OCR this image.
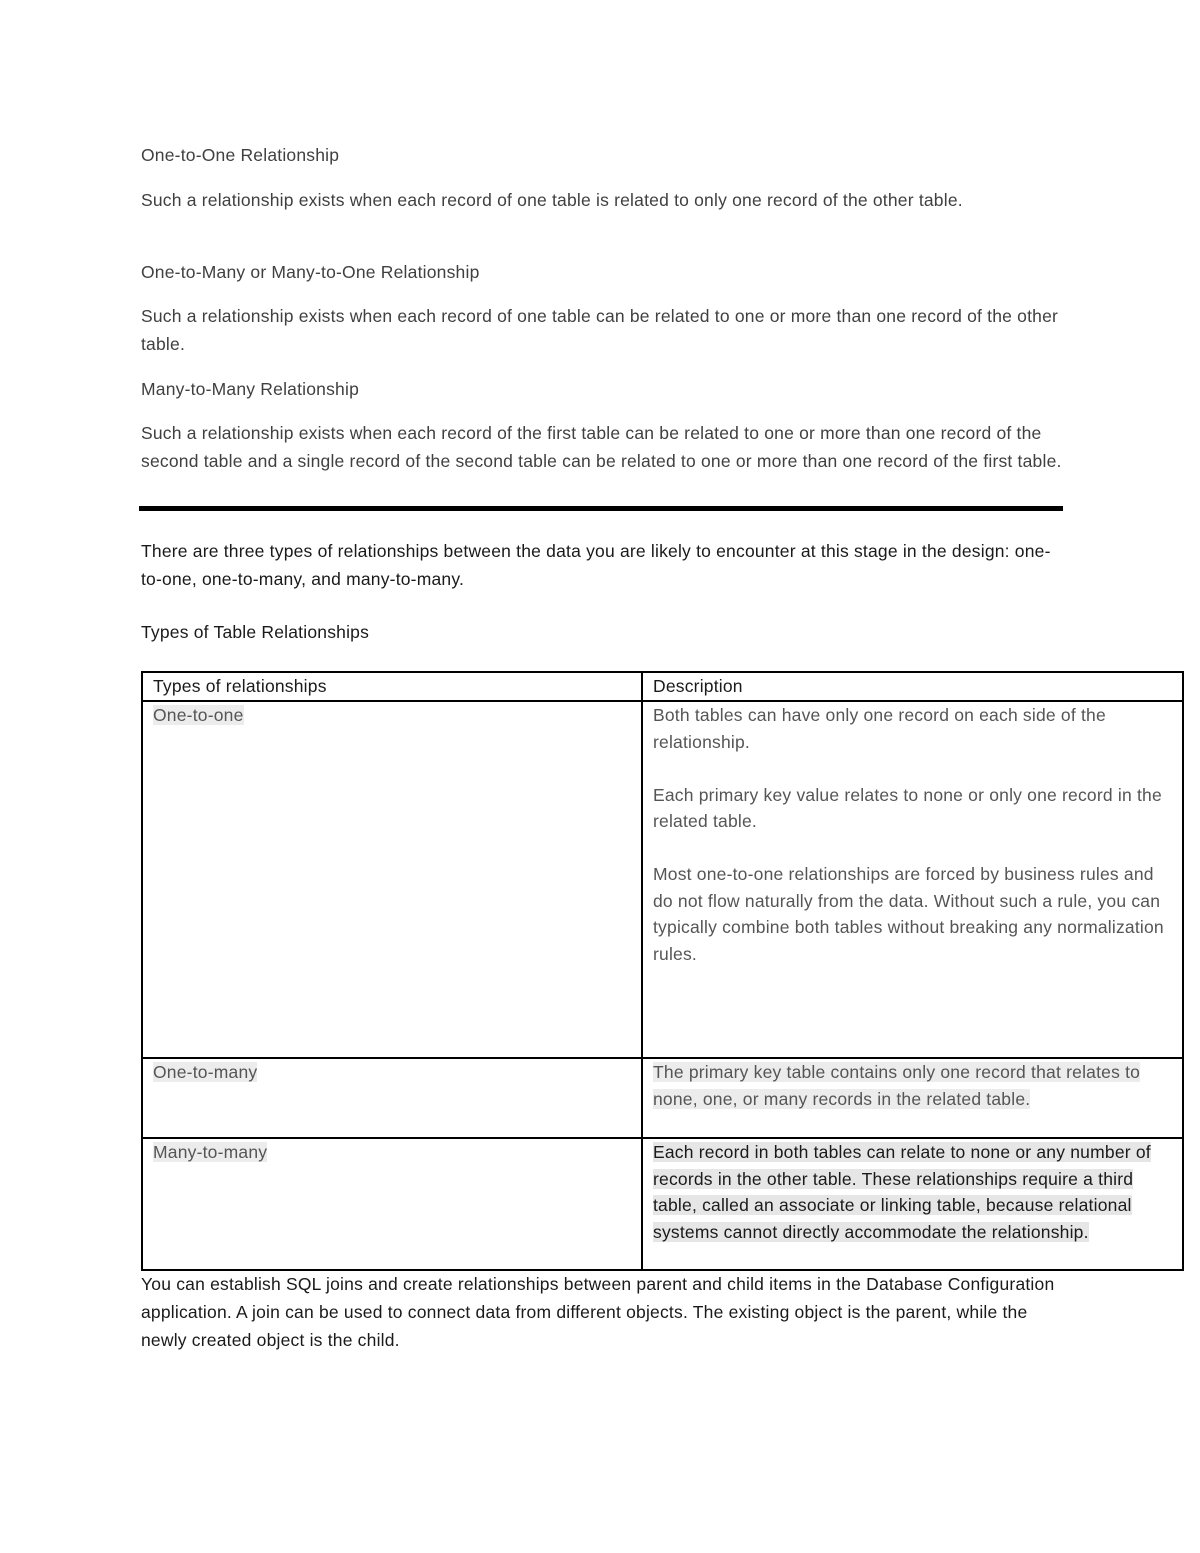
One-to-One Relationship

Such a relationship exists when each record of one table is related to only one record of the other table.

One-to-Many or Many-to-One Relationship

Such a relationship exists when each record of one table can be related to one or more than one record of the other table.

Many-to-Many Relationship

Such a relationship exists when each record of the first table can be related to one or more than one record of the second table and a single record of the second table can be related to one or more than one record of the first table.

There are three types of relationships between the data you are likely to encounter at this stage in the design: one-to-one, one-to-many, and many-to-many.

Types of Table Relationships

Types of relationships	Description
One-to-one	Both tables can have only one record on each side of the relationship.
Each primary key value relates to none or only one record in the related table.
Most one-to-one relationships are forced by business rules and do not flow naturally from the data. Without such a rule, you can typically combine both tables without breaking any normalization rules.

One-to-many	The primary key table contains only one record that relates to none, one, or many records in the related table.
Many-to-many	Each record in both tables can relate to none or any number of records in the other table. These relationships require a third table, called an associate or linking table, because relational systems cannot directly accommodate the relationship.

You can establish SQL joins and create relationships between parent and child items in the Database Configuration application. A join can be used to connect data from different objects. The existing object is the parent, while the newly created object is the child.
